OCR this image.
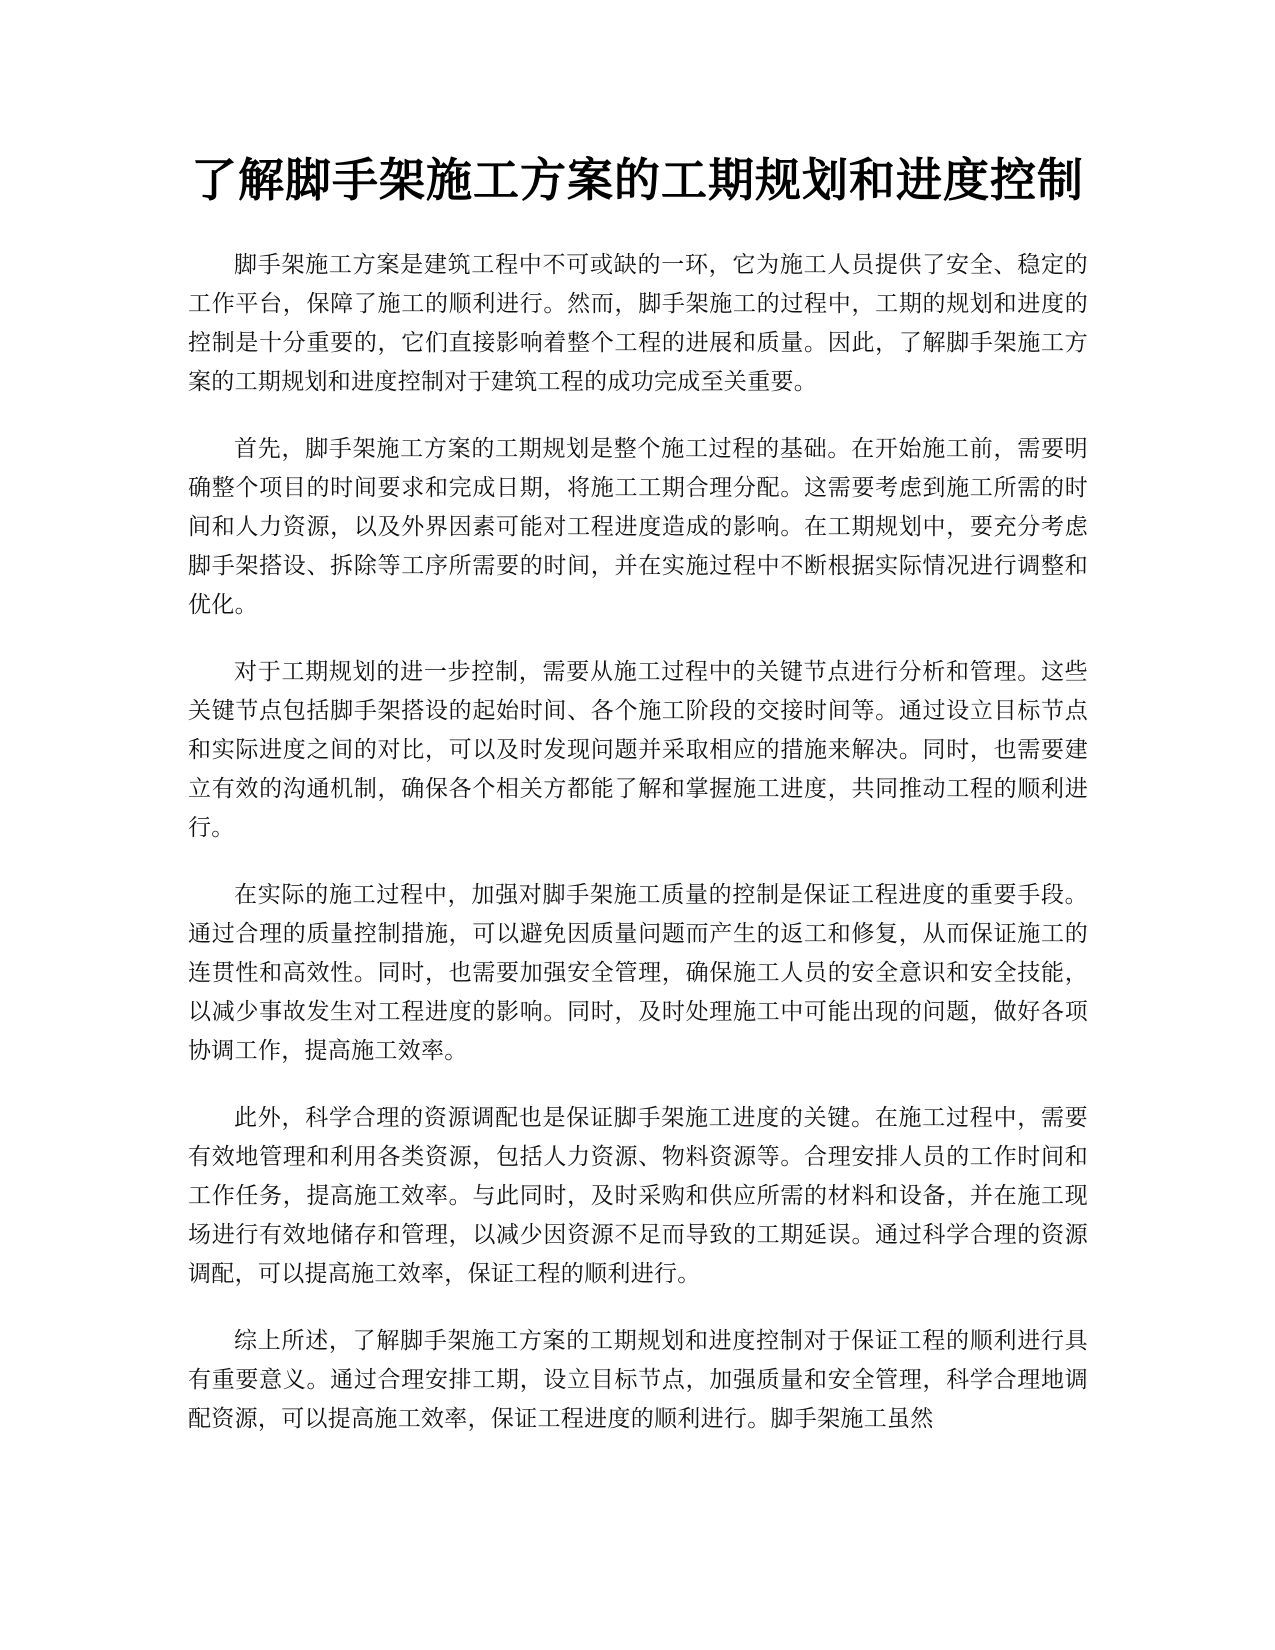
了解脚手架施工方案的工期规划和进度控制

脚手架施工方案是建筑工程中不可或缺的一环，它为施工人员提供了安全、稳定的工作平台，保障了施工的顺利进行。然而，脚手架施工的过程中，工期的规划和进度的控制是十分重要的，它们直接影响着整个工程的进展和质量。因此，了解脚手架施工方案的工期规划和进度控制对于建筑工程的成功完成至关重要。

首先，脚手架施工方案的工期规划是整个施工过程的基础。在开始施工前，需要明确整个项目的时间要求和完成日期，将施工工期合理分配。这需要考虑到施工所需的时间和人力资源，以及外界因素可能对工程进度造成的影响。在工期规划中，要充分考虑脚手架搭设、拆除等工序所需要的时间，并在实施过程中不断根据实际情况进行调整和优化。

对于工期规划的进一步控制，需要从施工过程中的关键节点进行分析和管理。这些关键节点包括脚手架搭设的起始时间、各个施工阶段的交接时间等。通过设立目标节点和实际进度之间的对比，可以及时发现问题并采取相应的措施来解决。同时，也需要建立有效的沟通机制，确保各个相关方都能了解和掌握施工进度，共同推动工程的顺利进行。

在实际的施工过程中，加强对脚手架施工质量的控制是保证工程进度的重要手段。通过合理的质量控制措施，可以避免因质量问题而产生的返工和修复，从而保证施工的连贯性和高效性。同时，也需要加强安全管理，确保施工人员的安全意识和安全技能，以减少事故发生对工程进度的影响。同时，及时处理施工中可能出现的问题，做好各项协调工作，提高施工效率。

此外，科学合理的资源调配也是保证脚手架施工进度的关键。在施工过程中，需要有效地管理和利用各类资源，包括人力资源、物料资源等。合理安排人员的工作时间和工作任务，提高施工效率。与此同时，及时采购和供应所需的材料和设备，并在施工现场进行有效地储存和管理，以减少因资源不足而导致的工期延误。通过科学合理的资源调配，可以提高施工效率，保证工程的顺利进行。

综上所述，了解脚手架施工方案的工期规划和进度控制对于保证工程的顺利进行具有重要意义。通过合理安排工期，设立目标节点，加强质量和安全管理，科学合理地调配资源，可以提高施工效率，保证工程进度的顺利进行。脚手架施工虽然
